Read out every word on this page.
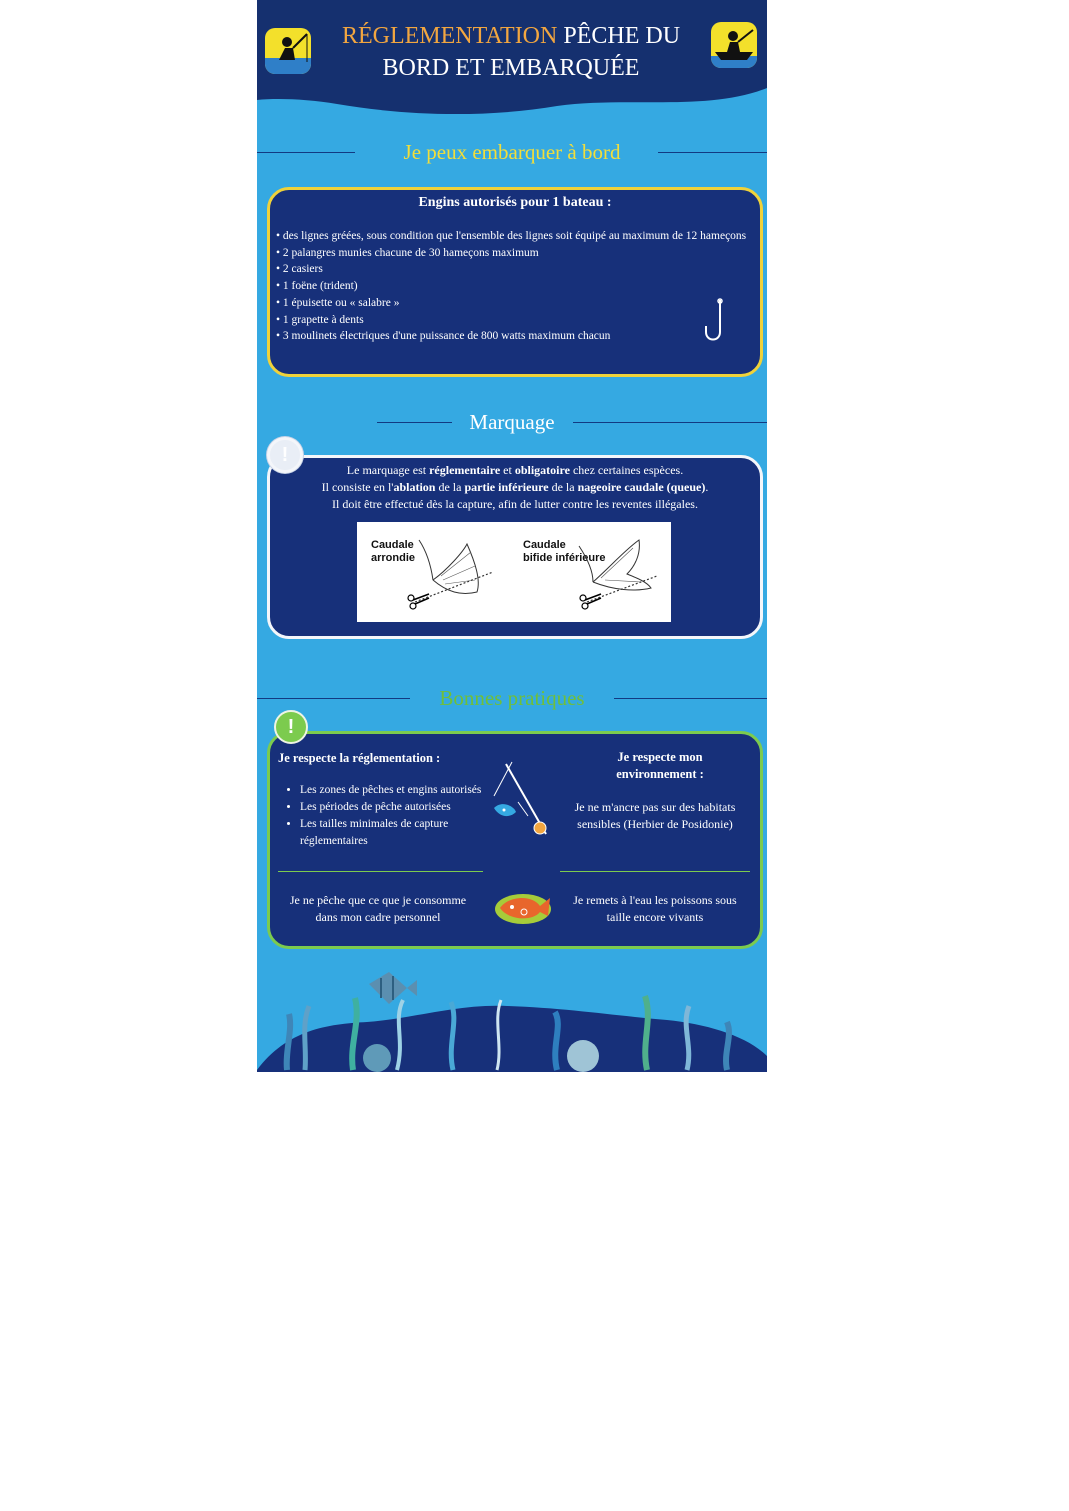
RÉGLEMENTATION PÊCHE DU
BORD ET EMBARQUÉE
Je peux embarquer à bord
Engins autorisés pour 1 bateau :
• des lignes gréées, sous condition que l'ensemble des lignes soit équipé au maximum de 12 hameçons
• 2 palangres munies chacune de 30 hameçons maximum
• 2 casiers
• 1 foëne (trident)
• 1 épuisette ou « salabre »
• 1 grapette à dents
• 3 moulinets électriques d'une puissance de 800 watts maximum chacun
Marquage
Le marquage est réglementaire et obligatoire chez certaines espèces.
Il consiste en l'ablation de la partie inférieure de la nageoire caudale (queue).
Il doit être effectué dès la capture, afin de lutter contre les reventes illégales.
Caudale
arrondie
Caudale
bifide inférieure
!
Bonnes pratiques
Je respecte la réglementation :
• Les zones de pêches et engins autorisés
• Les périodes de pêche autorisées
• Les tailles minimales de capture réglementaires
Je respecte mon
environnement :
Je ne m'ancre pas sur des habitats
sensibles (Herbier de Posidonie)
Je ne pêche que ce que je consomme
dans mon cadre personnel
Je remets à l'eau les poissons sous
taille encore vivants
!
